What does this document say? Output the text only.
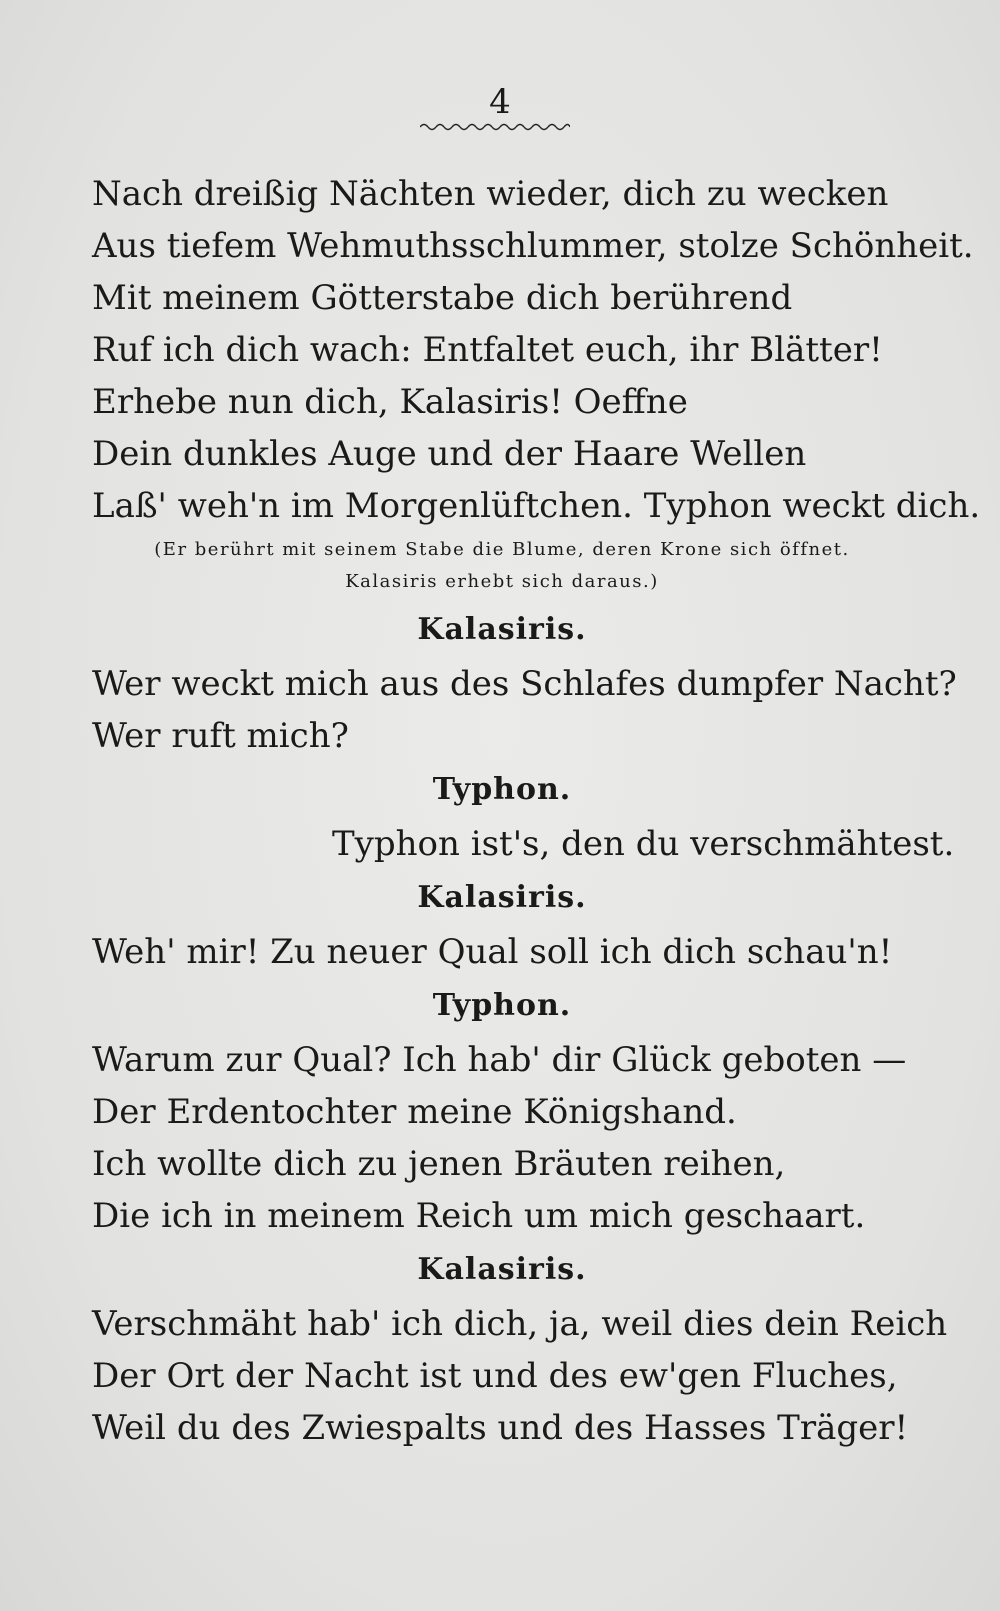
4
Nach dreißig Nächten wieder, dich zu wecken
Aus tiefem Wehmuthsschlummer, stolze Schönheit.
Mit meinem Götterstabe dich berührend
Ruf ich dich wach: Entfaltet euch, ihr Blätter!
Erhebe nun dich, Kalasiris! Oeffne
Dein dunkles Auge und der Haare Wellen
Laß' weh'n im Morgenlüftchen. Typhon weckt dich.
(Er berührt mit seinem Stabe die Blume, deren Krone sich öffnet.
Kalasiris erhebt sich daraus.)
Kalasiris.
Wer weckt mich aus des Schlafes dumpfer Nacht?
Wer ruft mich?
Typhon.
Typhon ist's, den du verschmähtest.
Kalasiris.
Weh' mir! Zu neuer Qual soll ich dich schau'n!
Typhon.
Warum zur Qual? Ich hab' dir Glück geboten —
Der Erdentochter meine Königshand.
Ich wollte dich zu jenen Bräuten reihen,
Die ich in meinem Reich um mich geschaart.
Kalasiris.
Verschmäht hab' ich dich, ja, weil dies dein Reich
Der Ort der Nacht ist und des ew'gen Fluches,
Weil du des Zwiespalts und des Hasses Träger!
